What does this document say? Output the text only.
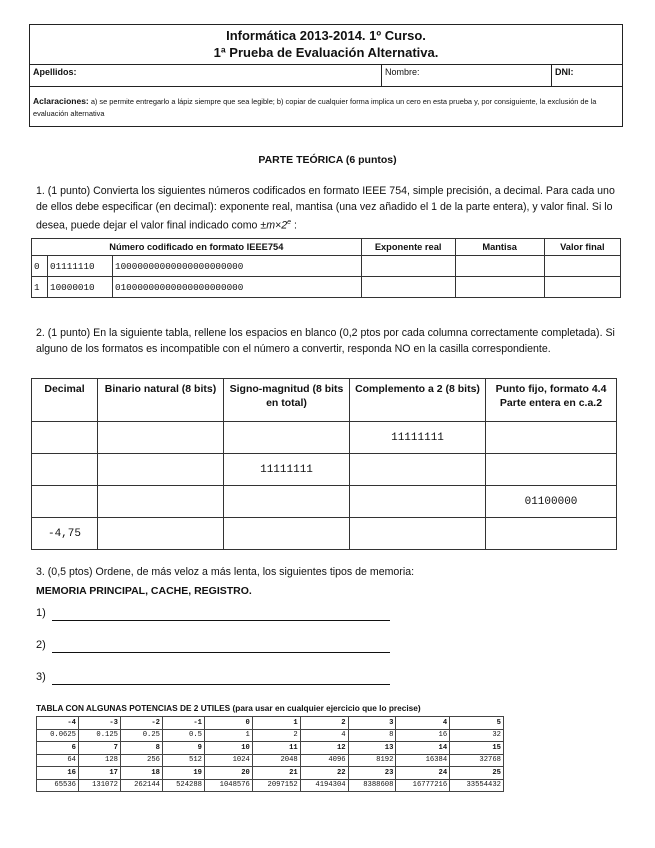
Informática 2013-2014. 1º Curso.
1ª Prueba de Evaluación Alternativa.

Apellidos:	Nombre:	DNI:
Aclaraciones: a) se permite entregarlo a lápiz siempre que sea legible; b) copiar de cualquier forma implica un cero en esta prueba y, por consiguiente, la exclusión de la evaluación alternativa
PARTE TEÓRICA (6 puntos)
1. (1 punto) Convierta los siguientes números codificados en formato IEEE 754, simple precisión, a decimal. Para cada uno de ellos debe especificar (en decimal): exponente real, mantisa (una vez añadido el 1 de la parte entera), y valor final. Si lo desea, puede dejar el valor final indicado como $\pm m\times 2^e$ :
Número codificado en formato IEEE754			Exponente real	Mantisa	Valor final
0	01111110	10000000000000000000000			
1	10000010	01000000000000000000000			
2. (1 punto) En la siguiente tabla, rellene los espacios en blanco (0,2 ptos por cada columna correctamente completada). Si alguno de los formatos es incompatible con el número a convertir, responda NO en la casilla correspondiente.
Decimal	Binario natural (8 bits)	Signo-magnitud (8 bits en total)	Complemento a 2 (8 bits)	Punto fijo, formato 4.4 Parte entera en c.a.2
			11111111	
		11111111		
				01100000
-4,75				
3. (0,5 ptos) Ordene, de más veloz a más lenta, los siguientes tipos de memoria:
MEMORIA PRINCIPAL, CACHE, REGISTRO.
1)
2)
3)
TABLA CON ALGUNAS POTENCIAS DE 2 UTILES (para usar en cualquier ejercicio que lo precise)
-4	-3	-2	-1	0	1	2	3	4	5
0.0625	0.125	0.25	0.5	1	2	4	8	16	32
6	7	8	9	10	11	12	13	14	15
64	128	256	512	1024	2048	4096	8192	16384	32768
16	17	18	19	20	21	22	23	24	25
65536	131072	262144	524288	1048576	2097152	4194304	8388608	16777216	33554432
